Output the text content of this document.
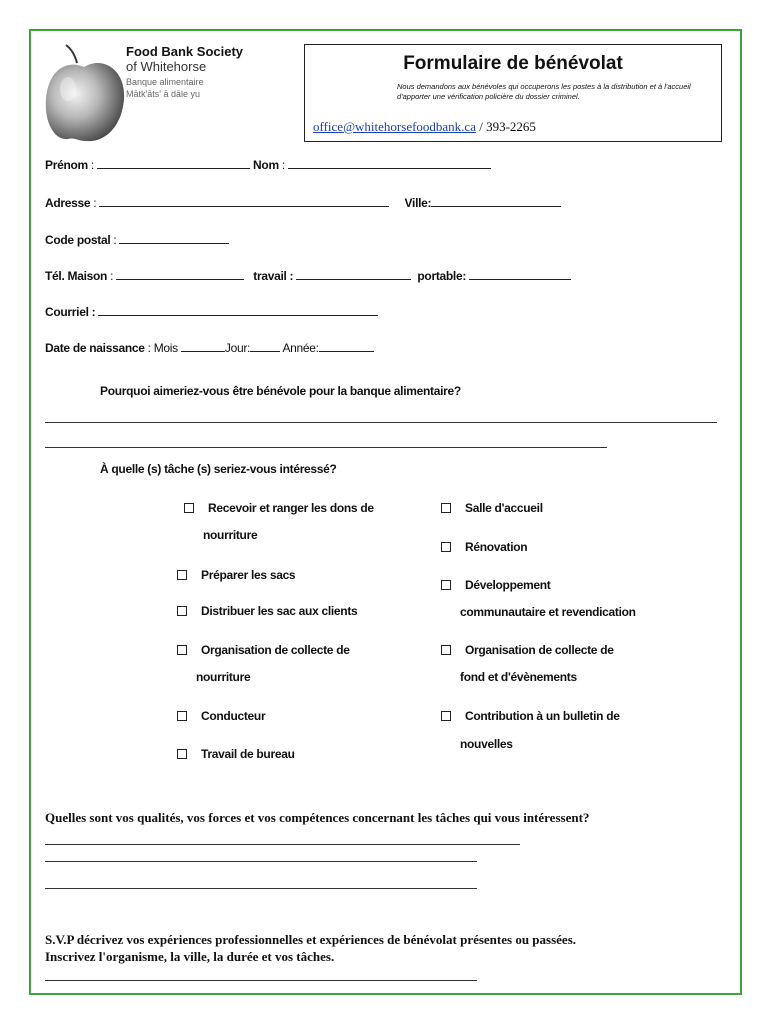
Food Bank Society
of Whitehorse
Banque alimentaire
Mātk'āts' ā dāle yu
Formulaire de bénévolat
Nous demandons aux bénévoles qui occuperons les postes à la distribution et à l'accueil d'apporter une vérification policière du dossier criminel.
office@whitehorsefoodbank.ca / 393-2265
Prénom :	Nom :
Adresse :	Ville:
Code postal :
Tél. Maison :	travail :	portable:
Courriel :
Date de naissance : Mois	Jour:	Année:
Pourquoi aimeriez-vous être bénévole pour la banque alimentaire?
À quelle (s) tâche (s) seriez-vous intéressé?
Recevoir et ranger les dons de
nourriture
Préparer les sacs
Distribuer les sac aux clients
Organisation de collecte de
nourriture
Conducteur
Travail de bureau
Salle d'accueil
Rénovation
Développement
communautaire et revendication
Organisation de collecte de
fond et d'évènements
Contribution à un bulletin de
nouvelles
Quelles sont vos qualités, vos forces et vos compétences concernant les tâches qui vous intéressent?
S.V.P décrivez vos expériences professionnelles et expériences de bénévolat présentes ou passées.
Inscrivez l'organisme, la ville, la durée et vos tâches.
